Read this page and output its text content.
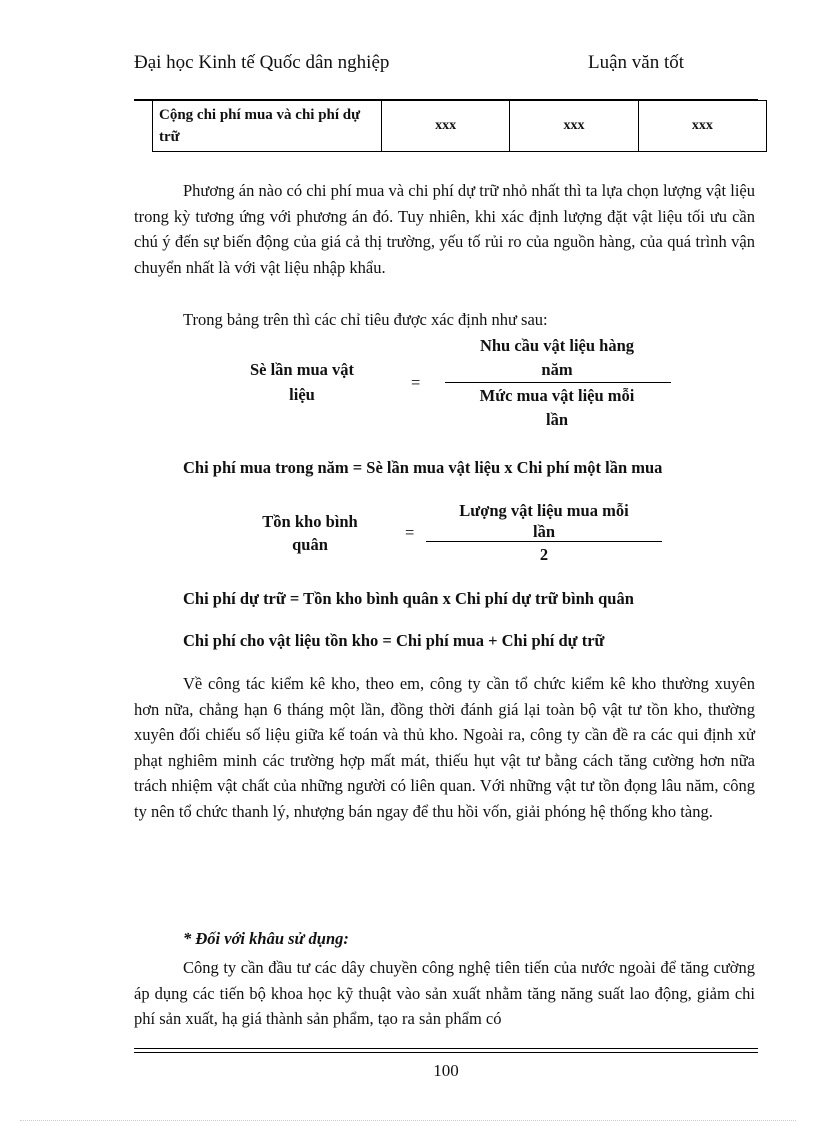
Đại học Kinh tế Quốc dân nghiệp	Luận văn tốt
Cộng chi phí mua và chi phí dự trữ	xxx	xxx	xxx
Phương án nào có chi phí mua và chi phí dự trữ nhỏ nhất thì ta lựa chọn lượng vật liệu trong kỳ tương ứng với phương án đó. Tuy nhiên, khi xác định lượng đặt vật liệu tối ưu cần chú ý đến sự biến động của giá cả thị trường, yếu tố rủi ro của nguồn hàng, của quá trình vận chuyển nhất là với vật liệu nhập khẩu.
Trong bảng trên thì các chỉ tiêu được xác định như sau:
Sè lần mua vật
liệu
=
Nhu cầu vật liệu hàng
năm
Mức mua vật liệu mỗi
lần
Chi phí mua trong năm = Sè lần mua vật liệu x Chi phí một lần mua
Tồn kho bình
quân
=
Lượng vật liệu mua mỗi
lần
2
Chi phí dự trữ = Tồn kho bình quân x Chi phí dự trữ bình quân
Chi phí cho vật liệu tồn kho = Chi phí mua + Chi phí dự trữ
Về công tác kiểm kê kho, theo em, công ty cần tổ chức kiểm kê kho thường xuyên hơn nữa, chẳng hạn 6 tháng một lần, đồng thời đánh giá lại toàn bộ vật tư tồn kho, thường xuyên đối chiếu số liệu giữa kế toán và thủ kho. Ngoài ra, công ty cần đề ra các qui định xử phạt nghiêm minh các trường hợp mất mát, thiếu hụt vật tư bằng cách tăng cường hơn nữa trách nhiệm vật chất của những người có liên quan. Với những vật tư tồn đọng lâu năm, công ty nên tổ chức thanh lý, nhượng bán ngay để thu hồi vốn, giải phóng hệ thống kho tàng.
* Đối với khâu sử dụng:
Công ty cần đầu tư các dây chuyền công nghệ tiên tiến của nước ngoài để tăng cường áp dụng các tiến bộ khoa học kỹ thuật vào sản xuất nhằm tăng năng suất lao động, giảm chi phí sản xuất, hạ giá thành sản phẩm, tạo ra sản phẩm có
100
